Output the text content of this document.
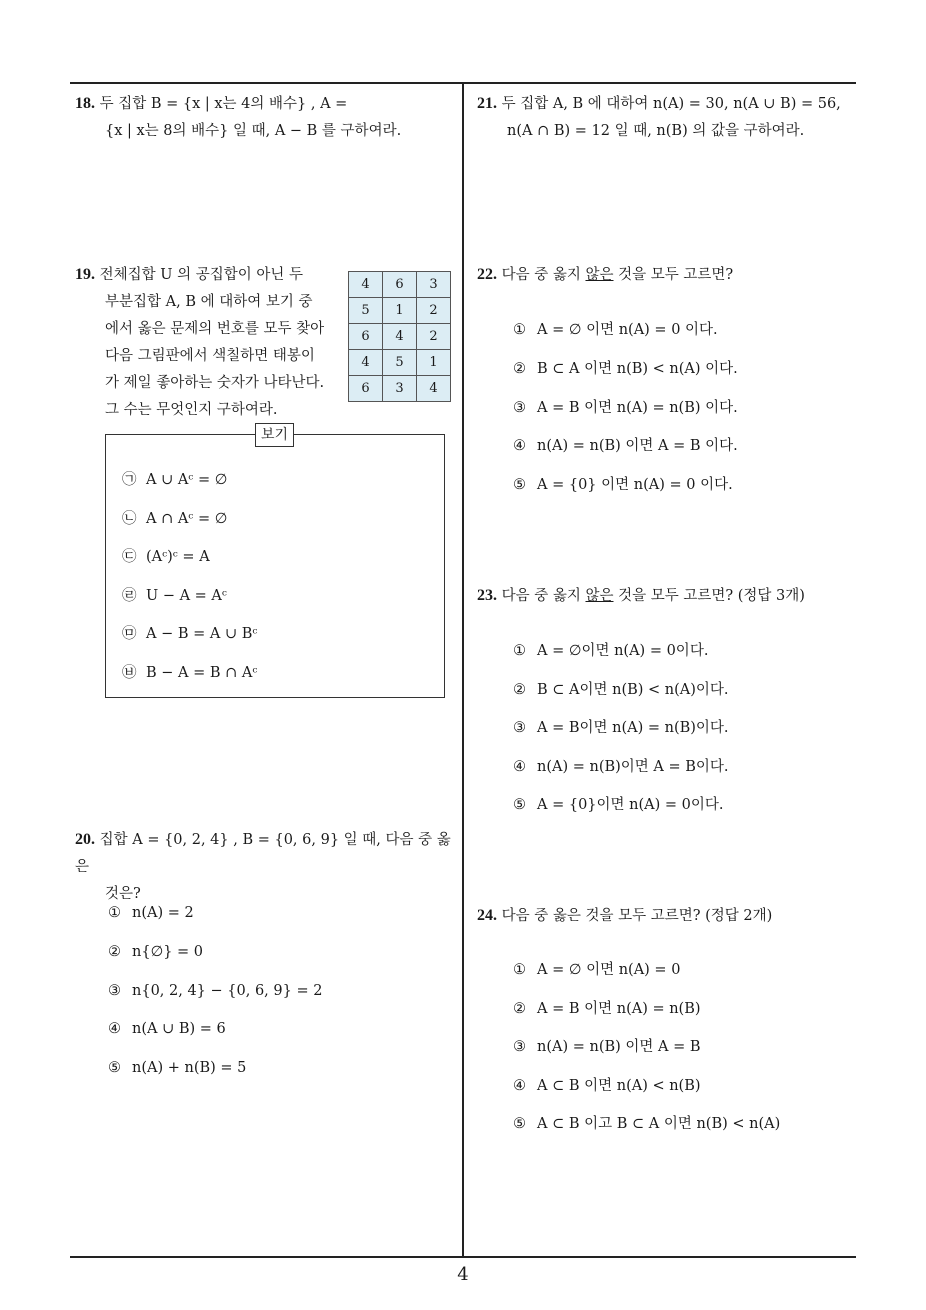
18. 두 집합 B = {x | x는 4의 배수} , A =
{x | x는 8의 배수} 일 때, A − B 를 구하여라.
19. 전체집합 U 의 공집합이 아닌 두
부분집합 A, B 에 대하여 보기 중
에서 옳은 문제의 번호를 모두 찾아
다음 그림판에서 색칠하면 태봉이
가 제일 좋아하는 숫자가 나타난다.
그 수는 무엇인지 구하여라.
4	6	3
5	1	2
6	4	2
4	5	1
6	3	4
보기
㉠ A ∪ Aᶜ = ∅
㉡ A ∩ Aᶜ = ∅
㉢ (Aᶜ)ᶜ = A
㉣ U − A = Aᶜ
㉤ A − B = A ∪ Bᶜ
㉥ B − A = B ∩ Aᶜ
20. 집합 A = {0, 2, 4} , B = {0, 6, 9} 일 때, 다음 중 옳은
것은?
① n(A) = 2
② n{∅} = 0
③ n{0, 2, 4} − {0, 6, 9} = 2
④ n(A ∪ B) = 6
⑤ n(A) + n(B) = 5
21. 두 집합 A, B 에 대하여 n(A) = 30, n(A ∪ B) = 56,
n(A ∩ B) = 12 일 때, n(B) 의 값을 구하여라.
22. 다음 중 옳지 않은 것을 모두 고르면?
① A = ∅ 이면 n(A) = 0 이다.
② B ⊂ A 이면 n(B) < n(A) 이다.
③ A = B 이면 n(A) = n(B) 이다.
④ n(A) = n(B) 이면 A = B 이다.
⑤ A = {0} 이면 n(A) = 0 이다.
23. 다음 중 옳지 않은 것을 모두 고르면? (정답 3개)
① A = ∅이면 n(A) = 0이다.
② B ⊂ A이면 n(B) < n(A)이다.
③ A = B이면 n(A) = n(B)이다.
④ n(A) = n(B)이면 A = B이다.
⑤ A = {0}이면 n(A) = 0이다.
24. 다음 중 옳은 것을 모두 고르면? (정답 2개)
① A = ∅ 이면 n(A) = 0
② A = B 이면 n(A) = n(B)
③ n(A) = n(B) 이면 A = B
④ A ⊂ B 이면 n(A) < n(B)
⑤ A ⊂ B 이고 B ⊂ A 이면 n(B) < n(A)
4
